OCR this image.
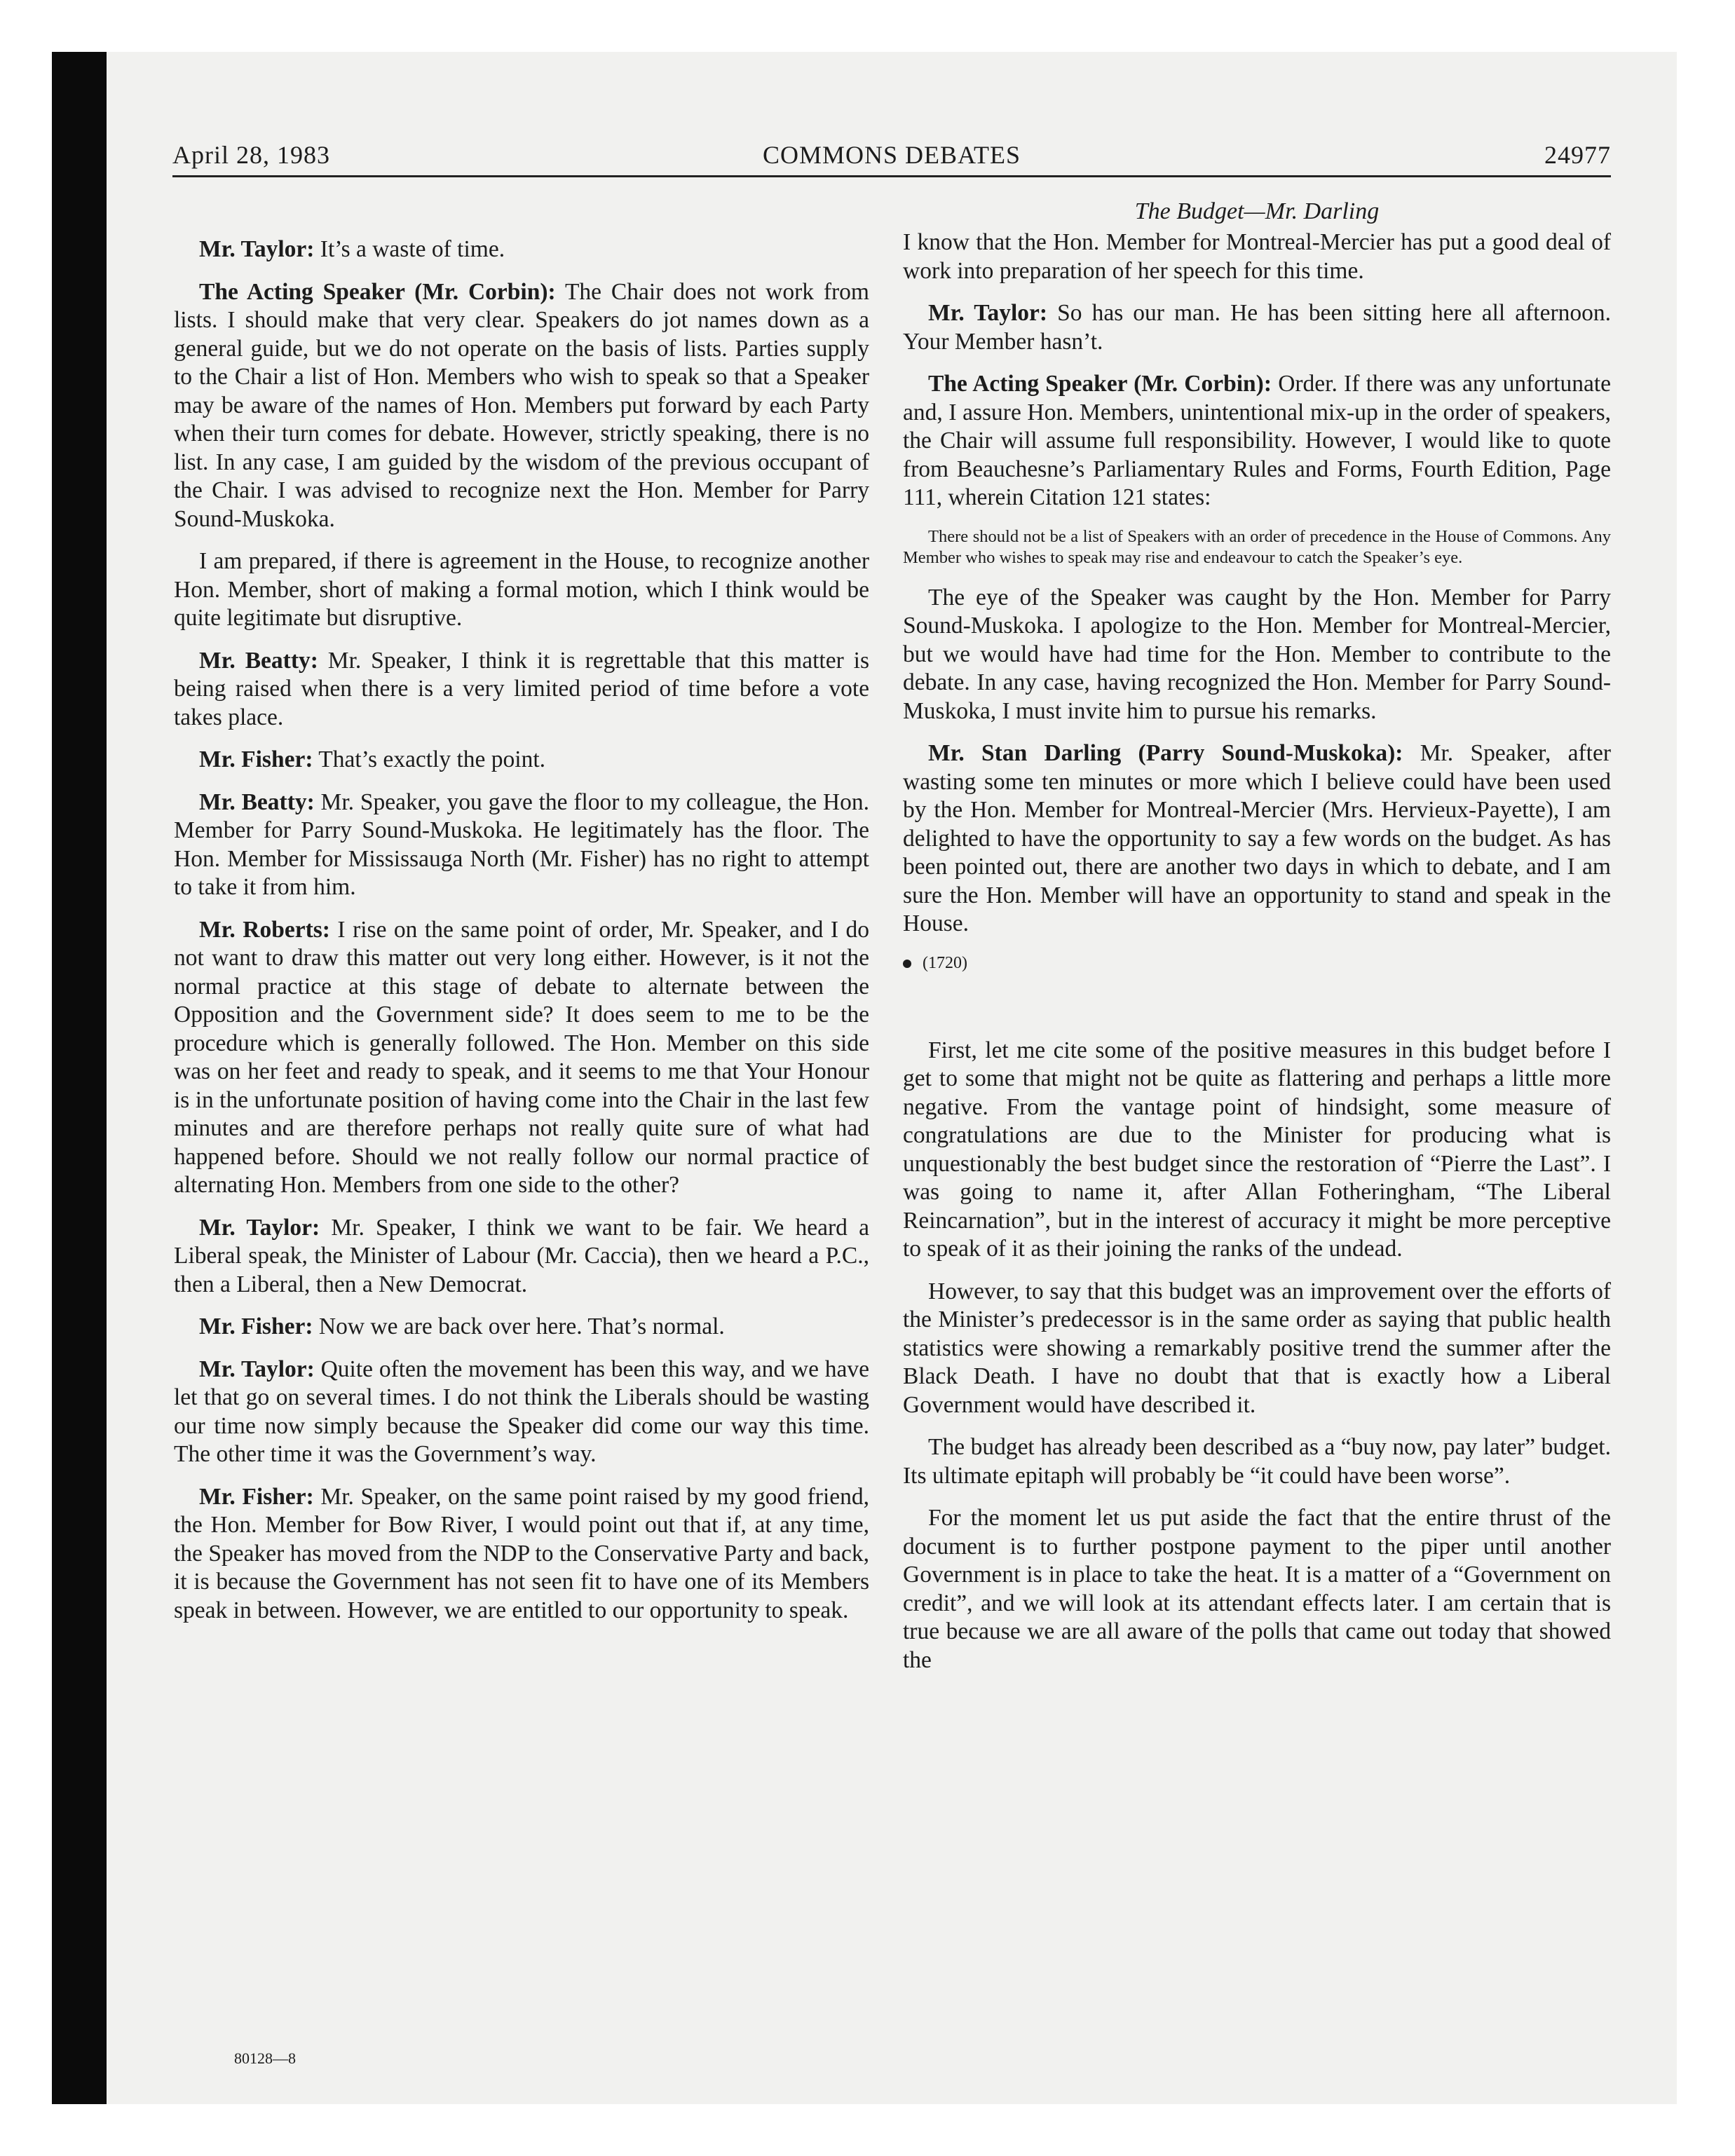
April 28, 1983	COMMONS DEBATES	24977

Mr. Taylor: It’s a waste of time.

The Acting Speaker (Mr. Corbin): The Chair does not work from lists. I should make that very clear. Speakers do jot names down as a general guide, but we do not operate on the basis of lists. Parties supply to the Chair a list of Hon. Members who wish to speak so that a Speaker may be aware of the names of Hon. Members put forward by each Party when their turn comes for debate. However, strictly speaking, there is no list. In any case, I am guided by the wisdom of the previous occupant of the Chair. I was advised to recognize next the Hon. Member for Parry Sound-Muskoka.

I am prepared, if there is agreement in the House, to recognize another Hon. Member, short of making a formal motion, which I think would be quite legitimate but disruptive.

Mr. Beatty: Mr. Speaker, I think it is regrettable that this matter is being raised when there is a very limited period of time before a vote takes place.

Mr. Fisher: That’s exactly the point.

Mr. Beatty: Mr. Speaker, you gave the floor to my colleague, the Hon. Member for Parry Sound-Muskoka. He legitimately has the floor. The Hon. Member for Mississauga North (Mr. Fisher) has no right to attempt to take it from him.

Mr. Roberts: I rise on the same point of order, Mr. Speaker, and I do not want to draw this matter out very long either. However, is it not the normal practice at this stage of debate to alternate between the Opposition and the Government side? It does seem to me to be the procedure which is generally followed. The Hon. Member on this side was on her feet and ready to speak, and it seems to me that Your Honour is in the unfortunate position of having come into the Chair in the last few minutes and are therefore perhaps not really quite sure of what had happened before. Should we not really follow our normal practice of alternating Hon. Members from one side to the other?

Mr. Taylor: Mr. Speaker, I think we want to be fair. We heard a Liberal speak, the Minister of Labour (Mr. Caccia), then we heard a P.C., then a Liberal, then a New Democrat.

Mr. Fisher: Now we are back over here. That’s normal.

Mr. Taylor: Quite often the movement has been this way, and we have let that go on several times. I do not think the Liberals should be wasting our time now simply because the Speaker did come our way this time. The other time it was the Government’s way.

Mr. Fisher: Mr. Speaker, on the same point raised by my good friend, the Hon. Member for Bow River, I would point out that if, at any time, the Speaker has moved from the NDP to the Conservative Party and back, it is because the Government has not seen fit to have one of its Members speak in between. However, we are entitled to our opportunity to speak.

The Budget—Mr. Darling

I know that the Hon. Member for Montreal-Mercier has put a good deal of work into preparation of her speech for this time.

Mr. Taylor: So has our man. He has been sitting here all afternoon. Your Member hasn’t.

The Acting Speaker (Mr. Corbin): Order. If there was any unfortunate and, I assure Hon. Members, unintentional mix-up in the order of speakers, the Chair will assume full responsibility. However, I would like to quote from Beauchesne’s Parliamentary Rules and Forms, Fourth Edition, Page 111, wherein Citation 121 states:

There should not be a list of Speakers with an order of precedence in the House of Commons. Any Member who wishes to speak may rise and endeavour to catch the Speaker’s eye.

The eye of the Speaker was caught by the Hon. Member for Parry Sound-Muskoka. I apologize to the Hon. Member for Montreal-Mercier, but we would have had time for the Hon. Member to contribute to the debate. In any case, having recognized the Hon. Member for Parry Sound-Muskoka, I must invite him to pursue his remarks.

Mr. Stan Darling (Parry Sound-Muskoka): Mr. Speaker, after wasting some ten minutes or more which I believe could have been used by the Hon. Member for Montreal-Mercier (Mrs. Hervieux-Payette), I am delighted to have the opportunity to say a few words on the budget. As has been pointed out, there are another two days in which to debate, and I am sure the Hon. Member will have an opportunity to stand and speak in the House.

(1720)

First, let me cite some of the positive measures in this budget before I get to some that might not be quite as flattering and perhaps a little more negative. From the vantage point of hindsight, some measure of congratulations are due to the Minister for producing what is unquestionably the best budget since the restoration of “Pierre the Last”. I was going to name it, after Allan Fotheringham, “The Liberal Reincarnation”, but in the interest of accuracy it might be more perceptive to speak of it as their joining the ranks of the undead.

However, to say that this budget was an improvement over the efforts of the Minister’s predecessor is in the same order as saying that public health statistics were showing a remarkably positive trend the summer after the Black Death. I have no doubt that that is exactly how a Liberal Government would have described it.

The budget has already been described as a “buy now, pay later” budget. Its ultimate epitaph will probably be “it could have been worse”.

For the moment let us put aside the fact that the entire thrust of the document is to further postpone payment to the piper until another Government is in place to take the heat. It is a matter of a “Government on credit”, and we will look at its attendant effects later. I am certain that is true because we are all aware of the polls that came out today that showed the

80128—8
